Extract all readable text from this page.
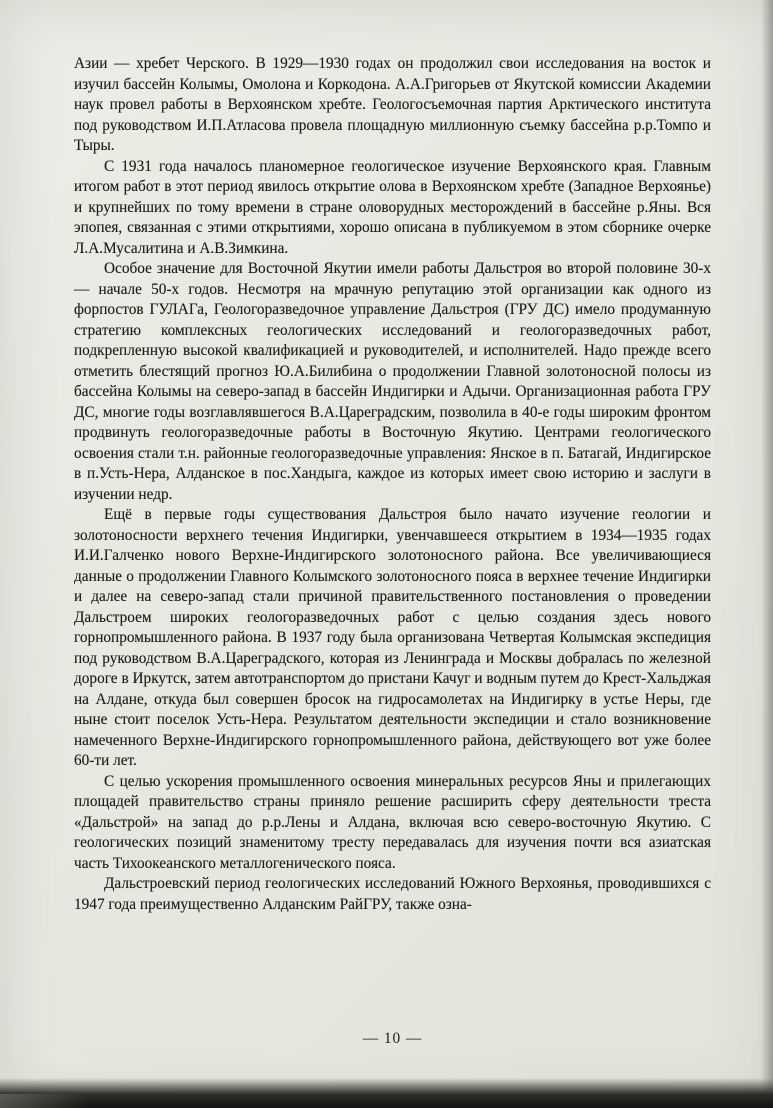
Азии — хребет Черского. В 1929—1930 годах он продолжил свои исследования на восток и изучил бассейн Колымы, Омолона и Коркодона. А.А.Григорьев от Якутской комиссии Академии наук провел работы в Верхоянском хребте. Геологосъемочная партия Арктического института под руководством И.П.Атласова провела площадную миллионную съемку бассейна р.р.Томпо и Тыры.

С 1931 года началось планомерное геологическое изучение Верхоянского края. Главным итогом работ в этот период явилось открытие олова в Верхоянском хребте (Западное Верхоянье) и крупнейших по тому времени в стране оловорудных месторождений в бассейне р.Яны. Вся эпопея, связанная с этими открытиями, хорошо описана в публикуемом в этом сборнике очерке Л.А.Мусалитина и А.В.Зимкина.

Особое значение для Восточной Якутии имели работы Дальстроя во второй половине 30-х — начале 50-х годов. Несмотря на мрачную репутацию этой организации как одного из форпостов ГУЛАГа, Геологоразведочное управление Дальстроя (ГРУ ДС) имело продуманную стратегию комплексных геологических исследований и геологоразведочных работ, подкрепленную высокой квалификацией и руководителей, и исполнителей. Надо прежде всего отметить блестящий прогноз Ю.А.Билибина о продолжении Главной золотоносной полосы из бассейна Колымы на северо-запад в бассейн Индигирки и Адычи. Организационная работа ГРУ ДС, многие годы возглавлявшегося В.А.Цареградским, позволила в 40-е годы широким фронтом продвинуть геологоразведочные работы в Восточную Якутию. Центрами геологического освоения стали т.н. районные геологоразведочные управления: Янское в п. Батагай, Индигирское в п.Усть-Нера, Алданское в пос.Хандыга, каждое из которых имеет свою историю и заслуги в изучении недр.

Ещё в первые годы существования Дальстроя было начато изучение геологии и золотоносности верхнего течения Индигирки, увенчавшееся открытием в 1934—1935 годах И.И.Галченко нового Верхне-Индигирского золотоносного района. Все увеличивающиеся данные о продолжении Главного Колымского золотоносного пояса в верхнее течение Индигирки и далее на северо-запад стали причиной правительственного постановления о проведении Дальстроем широких геологоразведочных работ с целью создания здесь нового горнопромышленного района. В 1937 году была организована Четвертая Колымская экспедиция под руководством В.А.Цареградского, которая из Ленинграда и Москвы добралась по железной дороге в Иркутск, затем автотранспортом до пристани Качуг и водным путем до Крест-Хальджая на Алдане, откуда был совершен бросок на гидросамолетах на Индигирку в устье Неры, где ныне стоит поселок Усть-Нера. Результатом деятельности экспедиции и стало возникновение намеченного Верхне-Индигирского горнопромышленного района, действующего вот уже более 60-ти лет.

С целью ускорения промышленного освоения минеральных ресурсов Яны и прилегающих площадей правительство страны приняло решение расширить сферу деятельности треста «Дальстрой» на запад до р.р.Лены и Алдана, включая всю северо-восточную Якутию. С геологических позиций знаменитому тресту передавалась для изучения почти вся азиатская часть Тихоокеанского металлогенического пояса.

Дальстроевский период геологических исследований Южного Верхоянья, проводившихся с 1947 года преимущественно Алданским РайГРУ, также озна-

— 10 —
